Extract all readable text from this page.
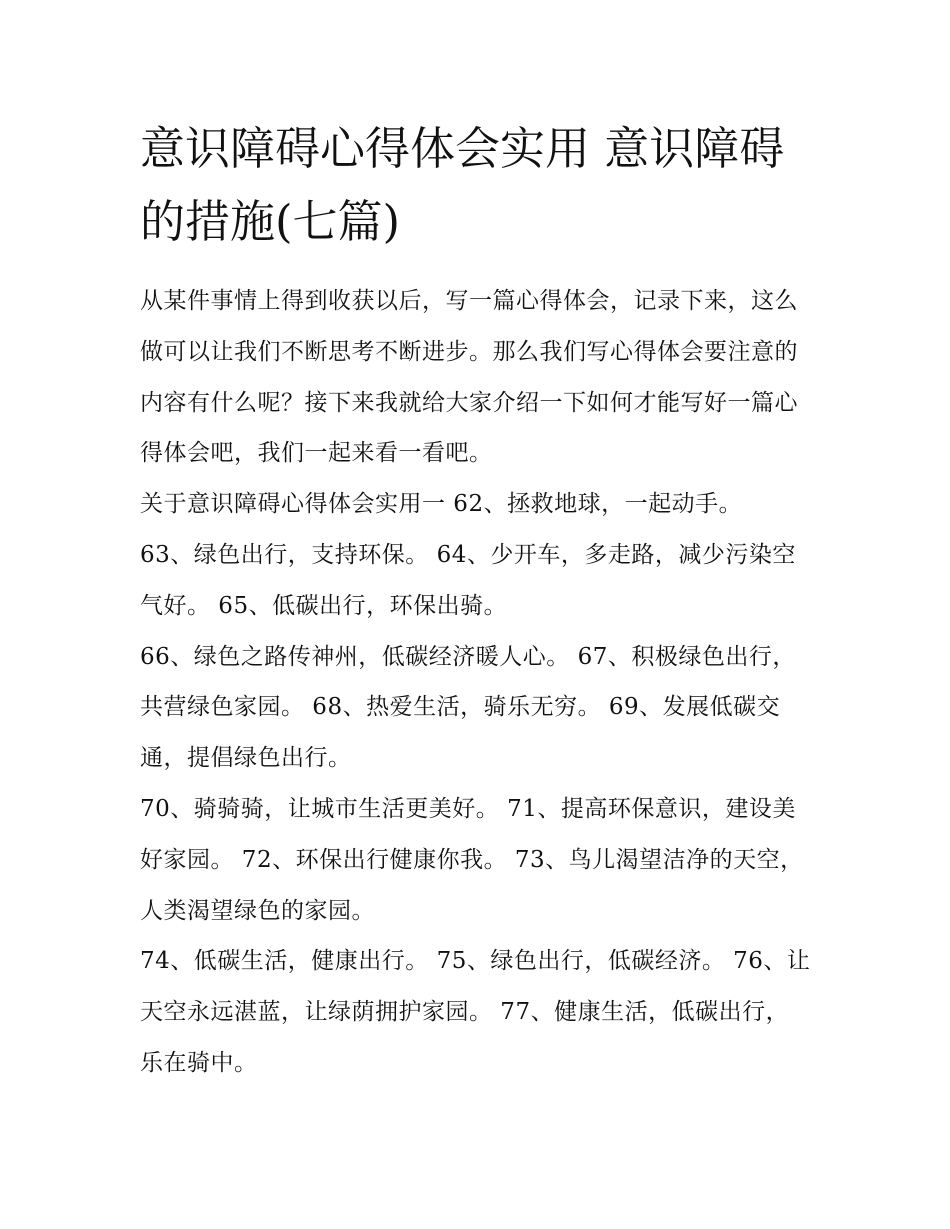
意识障碍心得体会实用 意识障碍的措施(七篇)

从某件事情上得到收获以后，写一篇心得体会，记录下来，这么做可以让我们不断思考不断进步。那么我们写心得体会要注意的内容有什么呢？接下来我就给大家介绍一下如何才能写好一篇心得体会吧，我们一起来看一看吧。

关于意识障碍心得体会实用一 62、拯救地球，一起动手。

63、绿色出行，支持环保。 64、少开车，多走路，减少污染空气好。 65、低碳出行，环保出骑。

66、绿色之路传神州，低碳经济暖人心。 67、积极绿色出行，共营绿色家园。 68、热爱生活，骑乐无穷。 69、发展低碳交通，提倡绿色出行。

70、骑骑骑，让城市生活更美好。 71、提高环保意识，建设美好家园。 72、环保出行健康你我。 73、鸟儿渴望洁净的天空，人类渴望绿色的家园。

74、低碳生活，健康出行。 75、绿色出行，低碳经济。 76、让天空永远湛蓝，让绿荫拥护家园。 77、健康生活，低碳出行，乐在骑中。
